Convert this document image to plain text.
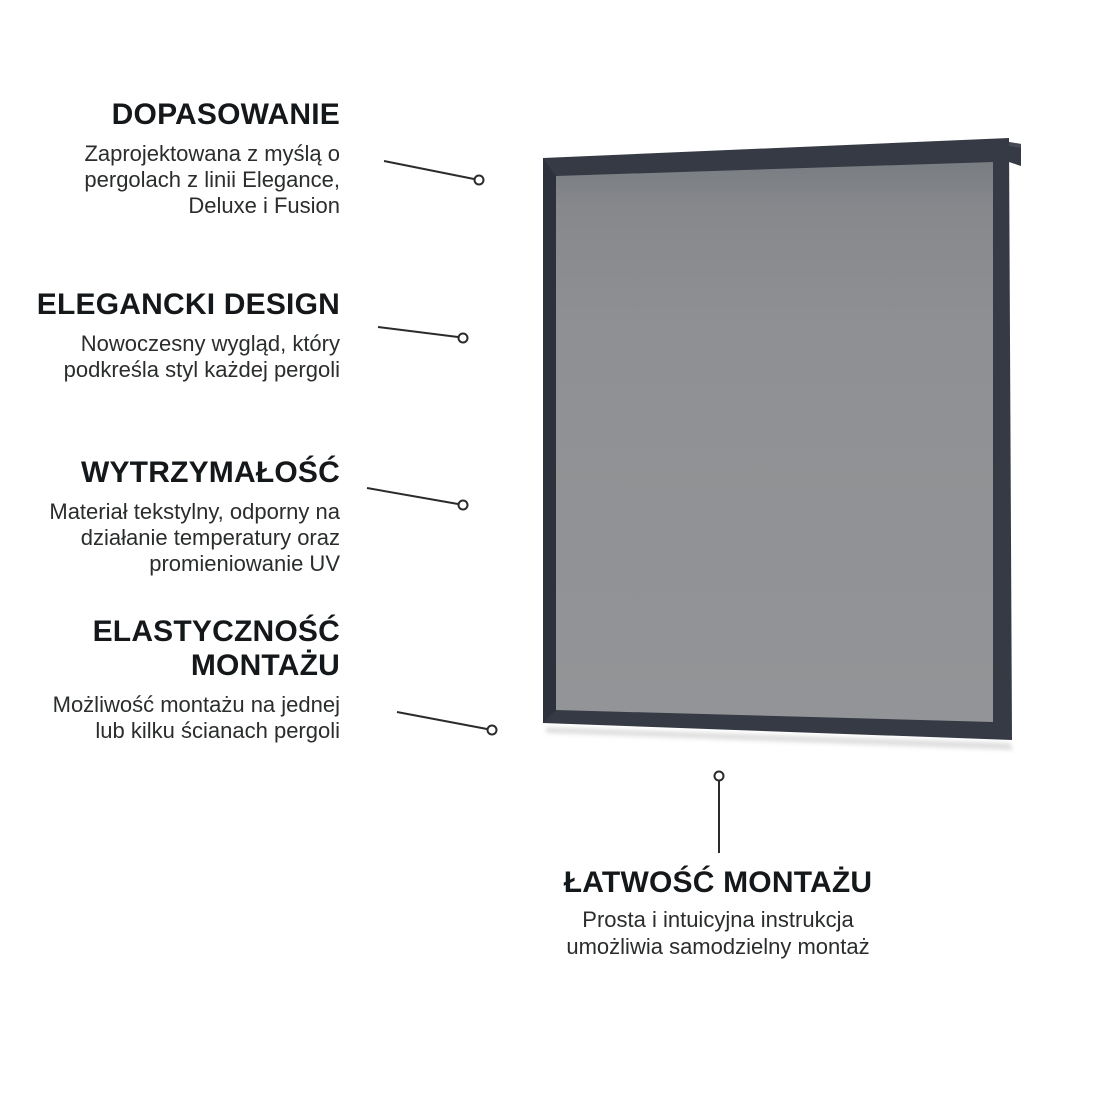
DOPASOWANIE
Zaprojektowana z myślą o
pergolach z linii Elegance,
Deluxe i Fusion
ELEGANCKI DESIGN
Nowoczesny wygląd, który
podkreśla styl każdej pergoli
WYTRZYMAŁOŚĆ
Materiał tekstylny, odporny na
działanie temperatury oraz
promieniowanie UV
ELASTYCZNOŚĆ
MONTAŻU
Możliwość montażu na jednej
lub kilku ścianach pergoli
ŁATWOŚĆ MONTAŻU
Prosta i intuicyjna instrukcja
umożliwia samodzielny montaż
